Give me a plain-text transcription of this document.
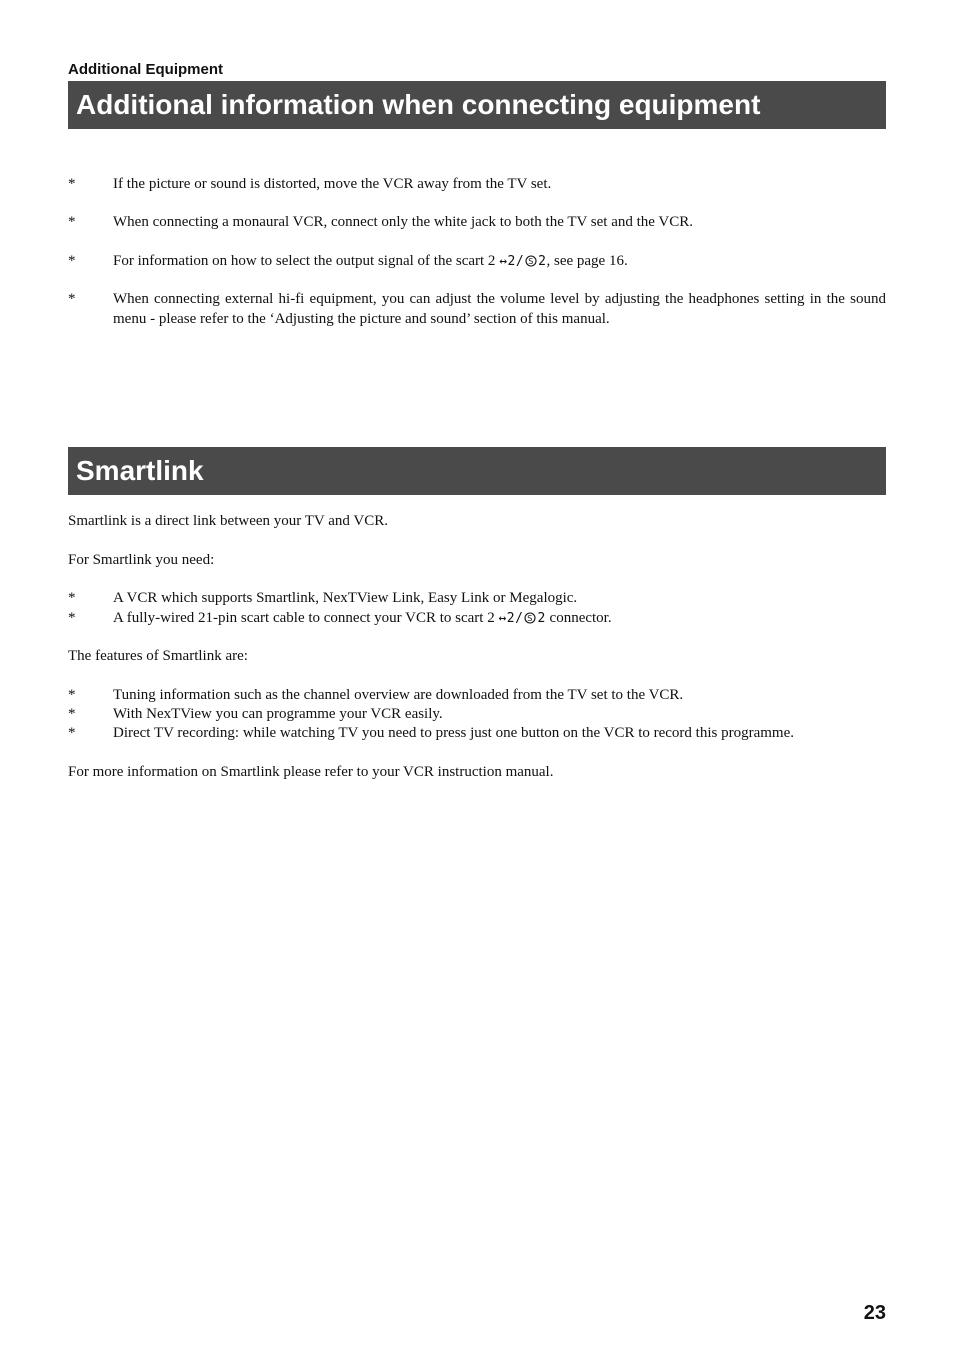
Additional Equipment
Additional information when connecting equipment
*	If the picture or sound is distorted, move the VCR away from the TV set.
*	When connecting a monaural VCR, connect only the white jack to both the TV set and the VCR.
*	For information on how to select the output signal of the scart 2 ↔2/ S 2, see page 16.
*	When connecting external hi-fi equipment, you can adjust the volume level by adjusting the headphones setting in the sound menu - please refer to the ‘Adjusting the picture and sound’ section of this manual.
Smartlink
Smartlink is a direct link between your TV and VCR.
For Smartlink you need:
*	A VCR which supports Smartlink, NexTView Link, Easy Link or Megalogic.
*	A fully-wired 21-pin scart cable to connect your VCR to scart 2 ↔2/ S 2 connector.
The features of Smartlink are:
*	Tuning information such as the channel overview are downloaded from the TV set to the VCR.
*	With NexTView you can programme your VCR easily.
*	Direct TV recording: while watching TV you need to press just one button on the VCR to record this programme.
For more information on Smartlink please refer to your VCR instruction manual.
23
